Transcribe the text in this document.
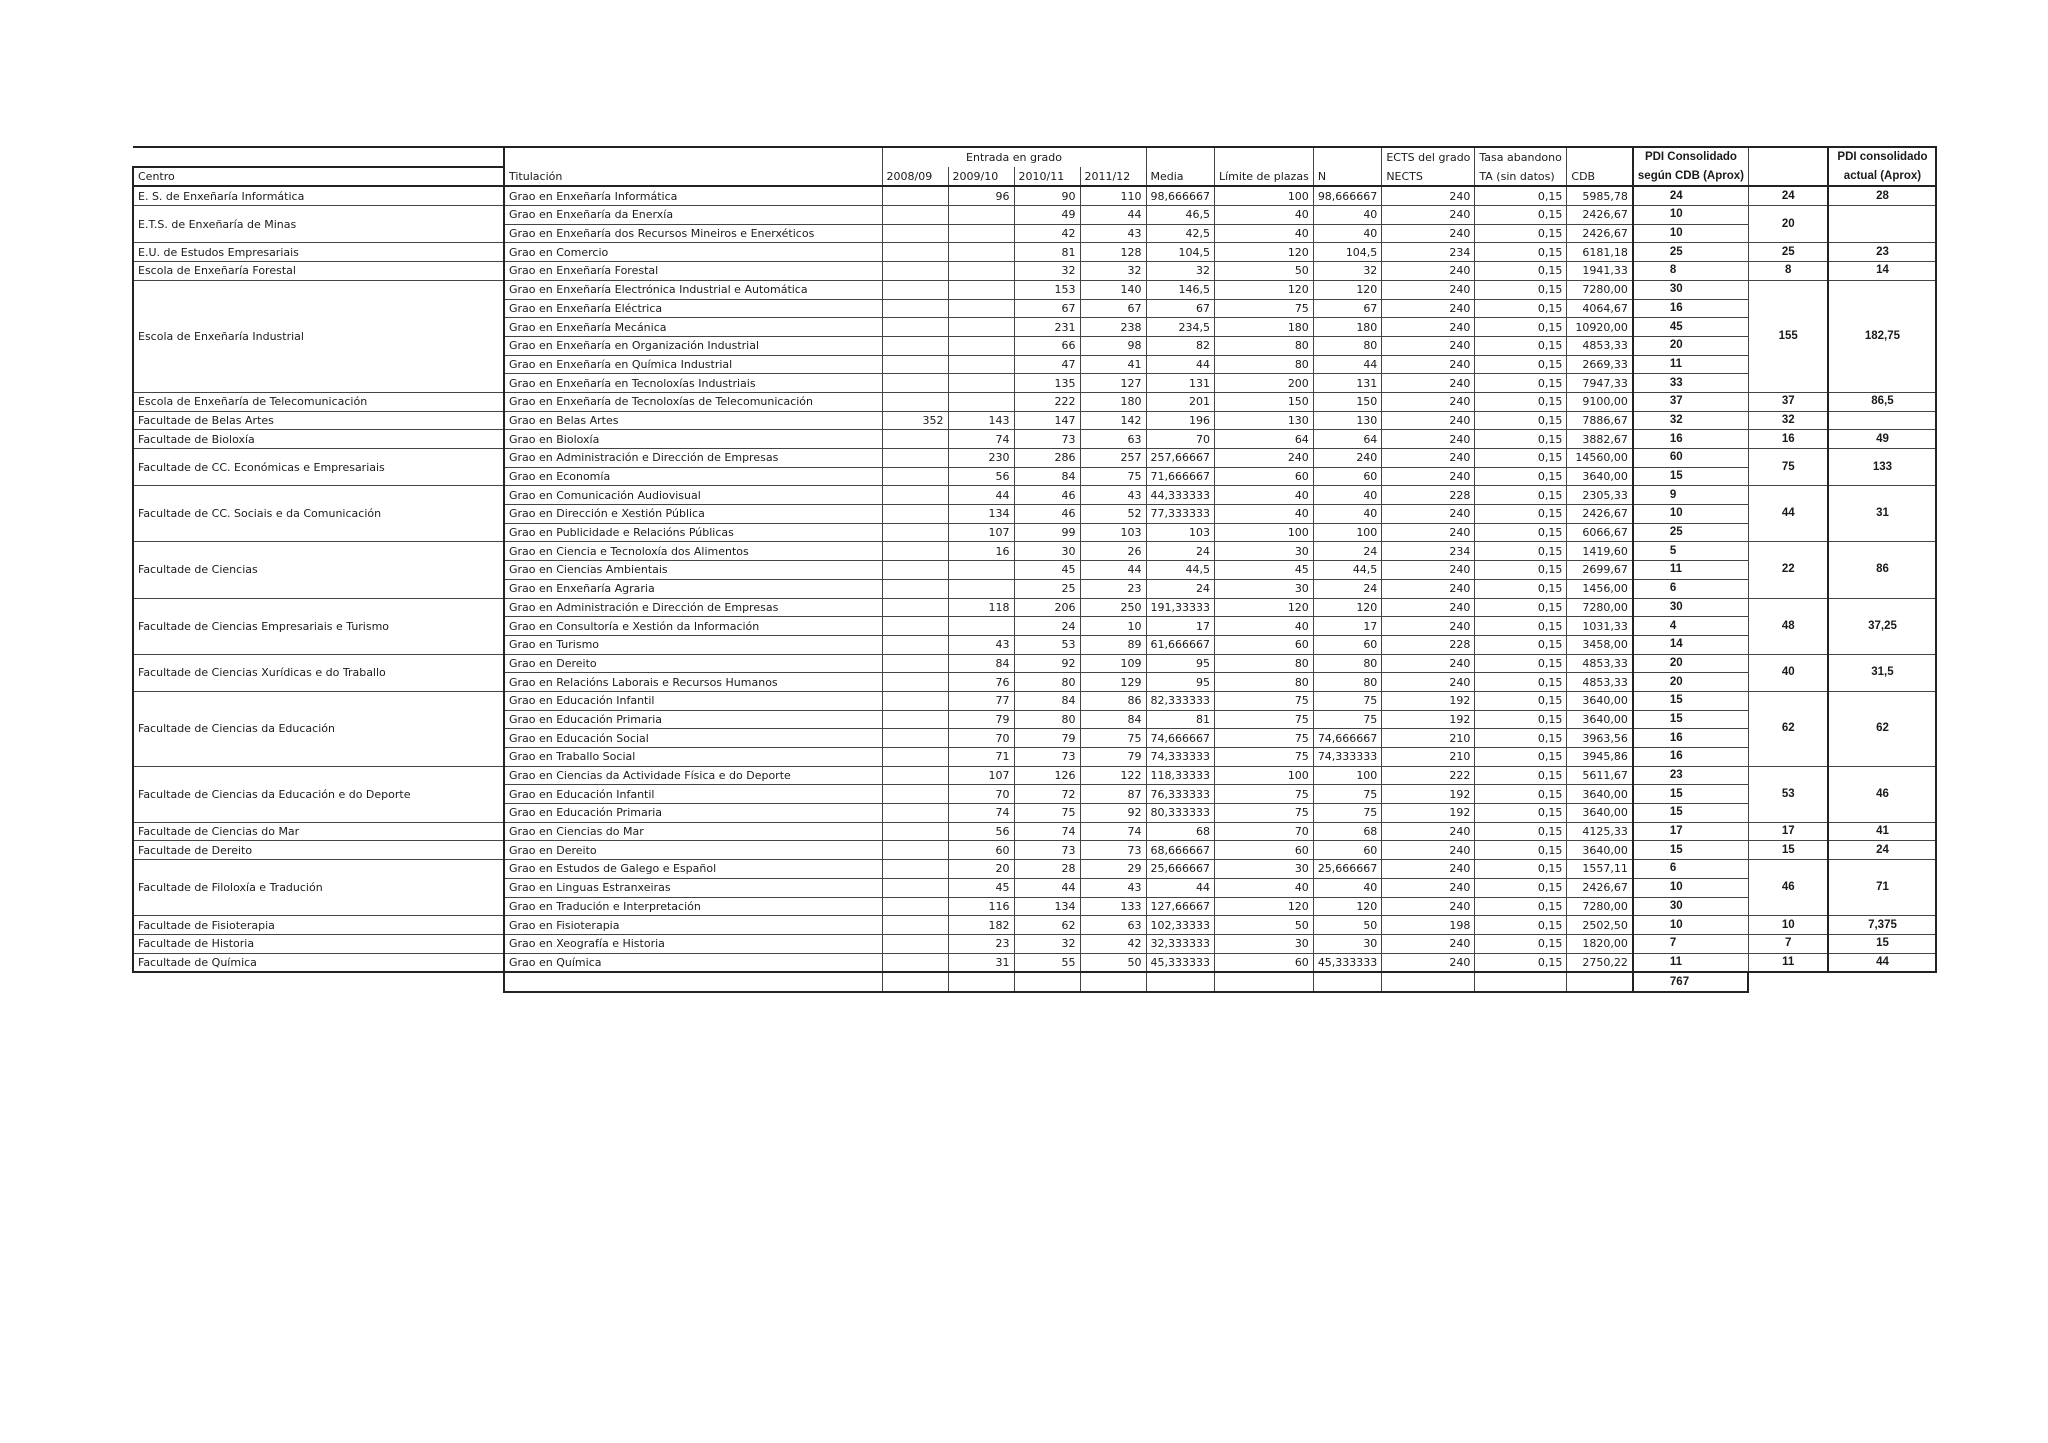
		Entrada en grado							ECTS del grado	Tasa abandono		PDI Consolidado		PDI consolidado
Centro	Titulación	2008/09	2009/10	2010/11	2011/12	Media	Límite de plazas	N	NECTS	TA (sin datos)	CDB	según CDB (Aprox)		actual (Aprox)
E. S. de Enxeñaría Informática	Grao en Enxeñaría Informática		96	90	110	98,666667	100	98,666667	240	0,15	5985,78	24	24	28
E.T.S. de Enxeñaría de Minas	Grao en Enxeñaría da Enerxía			49	44	46,5	40	40	240	0,15	2426,67	10	20	
	Grao en Enxeñaría dos Recursos Mineiros e Enerxéticos			42	43	42,5	40	40	240	0,15	2426,67	10		
E.U. de Estudos Empresariais	Grao en Comercio			81	128	104,5	120	104,5	234	0,15	6181,18	25	25	23
Escola de Enxeñaría Forestal	Grao en Enxeñaría Forestal			32	32	32	50	32	240	0,15	1941,33	8	8	14
Escola de Enxeñaría Industrial	Grao en Enxeñaría Electrónica Industrial e Automática			153	140	146,5	120	120	240	0,15	7280,00	30	155	182,75
	Grao en Enxeñaría Eléctrica			67	67	67	75	67	240	0,15	4064,67	16		
	Grao en Enxeñaría Mecánica			231	238	234,5	180	180	240	0,15	10920,00	45		
	Grao en Enxeñaría en Organización Industrial			66	98	82	80	80	240	0,15	4853,33	20		
	Grao en Enxeñaría en Química Industrial			47	41	44	80	44	240	0,15	2669,33	11		
	Grao en Enxeñaría en Tecnoloxías Industriais			135	127	131	200	131	240	0,15	7947,33	33		
Escola de Enxeñaría de Telecomunicación	Grao en Enxeñaría de Tecnoloxías de Telecomunicación			222	180	201	150	150	240	0,15	9100,00	37	37	86,5
Facultade de Belas Artes	Grao en Belas Artes	352	143	147	142	196	130	130	240	0,15	7886,67	32	32	
Facultade de Bioloxía	Grao en Bioloxía		74	73	63	70	64	64	240	0,15	3882,67	16	16	49
Facultade de CC. Económicas e Empresariais	Grao en Administración e Dirección de Empresas		230	286	257	257,66667	240	240	240	0,15	14560,00	60	75	133
	Grao en Economía		56	84	75	71,666667	60	60	240	0,15	3640,00	15		
Facultade de CC. Sociais e da Comunicación	Grao en Comunicación Audiovisual		44	46	43	44,333333	40	40	228	0,15	2305,33	9	44	31
	Grao en Dirección e Xestión Pública		134	46	52	77,333333	40	40	240	0,15	2426,67	10		
	Grao en Publicidade e Relacións Públicas		107	99	103	103	100	100	240	0,15	6066,67	25		
Facultade de Ciencias	Grao en Ciencia e Tecnoloxía dos Alimentos		16	30	26	24	30	24	234	0,15	1419,60	5	22	86
	Grao en Ciencias Ambientais			45	44	44,5	45	44,5	240	0,15	2699,67	11		
	Grao en Enxeñaría Agraria			25	23	24	30	24	240	0,15	1456,00	6		
Facultade de Ciencias Empresariais e Turismo	Grao en Administración e Dirección de Empresas		118	206	250	191,33333	120	120	240	0,15	7280,00	30	48	37,25
	Grao en Consultoría e Xestión da Información			24	10	17	40	17	240	0,15	1031,33	4		
	Grao en Turismo		43	53	89	61,666667	60	60	228	0,15	3458,00	14		
Facultade de Ciencias Xurídicas e do Traballo	Grao en Dereito		84	92	109	95	80	80	240	0,15	4853,33	20	40	31,5
	Grao en Relacións Laborais e Recursos Humanos		76	80	129	95	80	80	240	0,15	4853,33	20		
Facultade de Ciencias da Educación	Grao en Educación Infantil		77	84	86	82,333333	75	75	192	0,15	3640,00	15	62	62
	Grao en Educación Primaria		79	80	84	81	75	75	192	0,15	3640,00	15		
	Grao en Educación Social		70	79	75	74,666667	75	74,666667	210	0,15	3963,56	16		
	Grao en Traballo Social		71	73	79	74,333333	75	74,333333	210	0,15	3945,86	16		
Facultade de Ciencias da Educación e do Deporte	Grao en Ciencias da Actividade Física e do Deporte		107	126	122	118,33333	100	100	222	0,15	5611,67	23	53	46
	Grao en Educación Infantil		70	72	87	76,333333	75	75	192	0,15	3640,00	15		
	Grao en Educación Primaria		74	75	92	80,333333	75	75	192	0,15	3640,00	15		
Facultade de Ciencias do Mar	Grao en Ciencias do Mar		56	74	74	68	70	68	240	0,15	4125,33	17	17	41
Facultade de Dereito	Grao en Dereito		60	73	73	68,666667	60	60	240	0,15	3640,00	15	15	24
Facultade de Filoloxía e Tradución	Grao en Estudos de Galego e Español		20	28	29	25,666667	30	25,666667	240	0,15	1557,11	6	46	71
	Grao en Linguas Estranxeiras		45	44	43	44	40	40	240	0,15	2426,67	10		
	Grao en Tradución e Interpretación		116	134	133	127,66667	120	120	240	0,15	7280,00	30		
Facultade de Fisioterapia	Grao en Fisioterapia		182	62	63	102,33333	50	50	198	0,15	2502,50	10	10	7,375
Facultade de Historia	Grao en Xeografía e Historia		23	32	42	32,333333	30	30	240	0,15	1820,00	7	7	15
Facultade de Química	Grao en Química		31	55	50	45,333333	60	45,333333	240	0,15	2750,22	11	11	44
												767		
